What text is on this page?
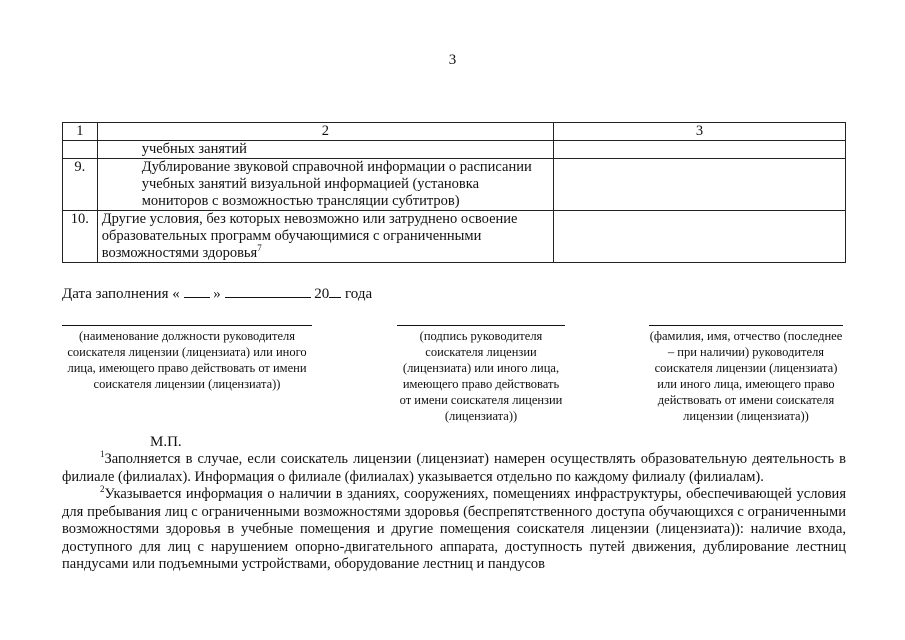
3
1	2	3
	учебных занятий	
9.	Дублирование звуковой справочной информации о расписании учебных занятий визуальной информацией (установка мониторов с возможностью трансляции субтитров)	
10.	Другие условия, без которых невозможно или затруднено освоение образовательных программ обучающимися с ограниченными возможностями здоровья$^7$	
Дата заполнения « »	20 года
(наименование должности руководителя соискателя лицензии (лицензиата) или иного лица, имеющего право действовать от имени соискателя лицензии (лицензиата))
(подпись руководителя соискателя лицензии (лицензиата) или иного лица, имеющего право действовать от имени соискателя лицензии (лицензиата))
(фамилия, имя, отчество (последнее – при наличии) руководителя соискателя лицензии (лицензиата) или иного лица, имеющего право действовать от имени соискателя лицензии (лицензиата))
М.П.

$^1$Заполняется в случае, если соискатель лицензии (лицензиат) намерен осуществлять образовательную деятельность в филиале (филиалах). Информация о филиале (филиалах) указывается отдельно по каждому филиалу (филиалам).

$^2$Указывается информация о наличии в зданиях, сооружениях, помещениях инфраструктуры, обеспечивающей условия для пребывания лиц с ограниченными возможностями здоровья (беспрепятственного доступа обучающихся с ограниченными возможностями здоровья в учебные помещения и другие помещения соискателя лицензии (лицензиата)): наличие входа, доступного для лиц с нарушением опорно-двигательного аппарата, доступность путей движения, дублирование лестниц пандусами или подъемными устройствами, оборудование лестниц и пандусов
